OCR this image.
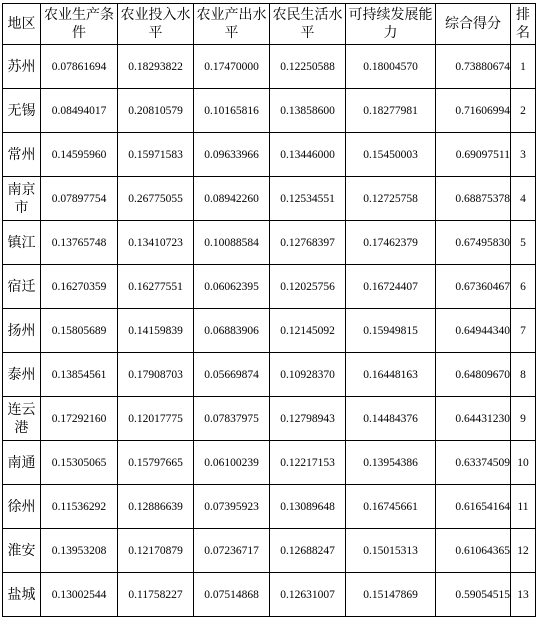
地区	农业生产条件	农业投入水平	农业产出水平	农民生活水平	可持续发展能力	综合得分	排名
苏州	0.07861694	0.18293822	0.17470000	0.12250588	0.18004570	0.73880674	1
无锡	0.08494017	0.20810579	0.10165816	0.13858600	0.18277981	0.71606994	2
常州	0.14595960	0.15971583	0.09633966	0.13446000	0.15450003	0.69097511	3
南京市	0.07897754	0.26775055	0.08942260	0.12534551	0.12725758	0.68875378	4
镇江	0.13765748	0.13410723	0.10088584	0.12768397	0.17462379	0.67495830	5
宿迁	0.16270359	0.16277551	0.06062395	0.12025756	0.16724407	0.67360467	6
扬州	0.15805689	0.14159839	0.06883906	0.12145092	0.15949815	0.64944340	7
泰州	0.13854561	0.17908703	0.05669874	0.10928370	0.16448163	0.64809670	8
连云港	0.17292160	0.12017775	0.07837975	0.12798943	0.14484376	0.64431230	9
南通	0.15305065	0.15797665	0.06100239	0.12217153	0.13954386	0.63374509	10
徐州	0.11536292	0.12886639	0.07395923	0.13089648	0.16745661	0.61654164	11
淮安	0.13953208	0.12170879	0.07236717	0.12688247	0.15015313	0.61064365	12
盐城	0.13002544	0.11758227	0.07514868	0.12631007	0.15147869	0.59054515	13
